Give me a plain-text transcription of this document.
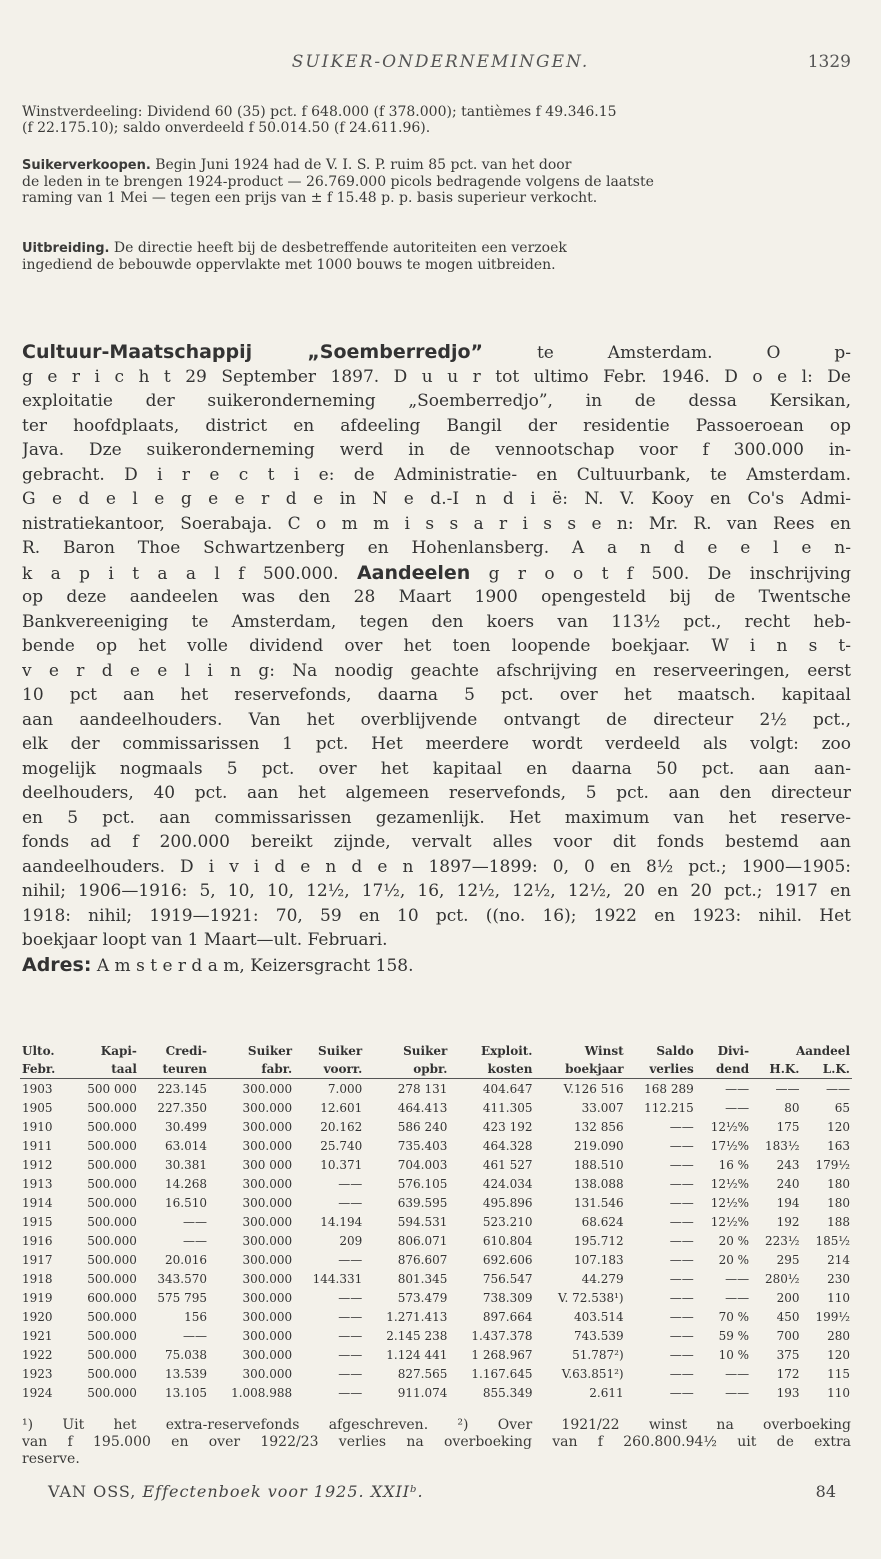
SUIKER-ONDERNEMINGEN.	1329
Winstverdeeling: Dividend 60 (35) pct. f 648.000 (f 378.000); tantièmes f 49.346.15
(f 22.175.10); saldo onverdeeld f 50.014.50 (f 24.611.96).
Suikerverkoopen. Begin Juni 1924 had de V. I. S. P. ruim 85 pct. van het door
de leden in te brengen 1924-product — 26.769.000 picols bedragende volgens de laatste
raming van 1 Mei — tegen een prijs van ± f 15.48 p. p. basis superieur verkocht.
Uitbreiding. De directie heeft bij de desbetreffende autoriteiten een verzoek
ingediend de bebouwde oppervlakte met 1000 bouws te mogen uitbreiden.
Cultuur-Maatschappij „Soemberredjo” te Amsterdam. O p-
g e r i c h t 29 September 1897. D u u r tot ultimo Febr. 1946. D o e l: De
exploitatie der suikeronderneming „Soemberredjo”, in de dessa Kersikan,
ter hoofdplaats, district en afdeeling Bangil der residentie Passoeroean op
Java. Dze suikeronderneming werd in de vennootschap voor f 300.000 in-
gebracht. D i r e c t i e: de Administratie- en Cultuurbank, te Amsterdam.
G e d e l e g e e r d e in N e d.-I n d i ë: N. V. Kooy en Co's Admi-
nistratiekantoor, Soerabaja. C o m m i s s a r i s s e n: Mr. R. van Rees en
R. Baron Thoe Schwartzenberg en Hohenlansberg. A a n d e e l e n-
k a p i t a a l f 500.000. Aandeelen g r o o t f 500. De inschrijving
op deze aandeelen was den 28 Maart 1900 opengesteld bij de Twentsche
Bankvereeniging te Amsterdam, tegen den koers van 113½ pct., recht heb-
bende op het volle dividend over het toen loopende boekjaar. W i n s t-
v e r d e e l i n g: Na noodig geachte afschrijving en reserveeringen, eerst
10 pct aan het reservefonds, daarna 5 pct. over het maatsch. kapitaal
aan aandeelhouders. Van het overblijvende ontvangt de directeur 2½ pct.,
elk der commissarissen 1 pct. Het meerdere wordt verdeeld als volgt: zoo
mogelijk nogmaals 5 pct. over het kapitaal en daarna 50 pct. aan aan-
deelhouders, 40 pct. aan het algemeen reservefonds, 5 pct. aan den directeur
en 5 pct. aan commissarissen gezamenlijk. Het maximum van het reserve-
fonds ad f 200.000 bereikt zijnde, vervalt alles voor dit fonds bestemd aan
aandeelhouders. D i v i d e n d e n 1897—1899: 0, 0 en 8½ pct.; 1900—1905:
nihil; 1906—1916: 5, 10, 10, 12½, 17½, 16, 12½, 12½, 12½, 20 en 20 pct.; 1917 en
1918: nihil; 1919—1921: 70, 59 en 10 pct. ((no. 16); 1922 en 1923: nihil. Het
boekjaar loopt van 1 Maart—ult. Februari.
Adres: A m s t e r d a m, Keizersgracht 158.
Ulto.	Kapi-	Credi-	Suiker	Suiker	Suiker	Exploit.	Winst	Saldo	Divi-	Aandeel	
Febr.	taal	teuren	fabr.	voorr.	opbr.	kosten	boekjaar	verlies	dend	H.K.	L.K.
1903	500 000	223.145	300.000	7.000	278 131	404.647	V.126 516	168 289	——	——	——
1905	500.000	227.350	300.000	12.601	464.413	411.305	33.007	112.215	——	80	65
1910	500.000	30.499	300.000	20.162	586 240	423 192	132 856	——	12½%	175	120
1911	500.000	63.014	300.000	25.740	735.403	464.328	219.090	——	17½%	183½	163
1912	500.000	30.381	300 000	10.371	704.003	461 527	188.510	——	16 %	243	179½
1913	500.000	14.268	300.000	——	576.105	424.034	138.088	——	12½%	240	180
1914	500.000	16.510	300.000	——	639.595	495.896	131.546	——	12½%	194	180
1915	500.000	——	300.000	14.194	594.531	523.210	68.624	——	12½%	192	188
1916	500.000	——	300.000	209	806.071	610.804	195.712	——	20 %	223½	185½
1917	500.000	20.016	300.000	——	876.607	692.606	107.183	——	20 %	295	214
1918	500.000	343.570	300.000	144.331	801.345	756.547	44.279	——	——	280½	230
1919	600.000	575 795	300.000	——	573.479	738.309	V. 72.538¹)	——	——	200	110
1920	500.000	156	300.000	——	1.271.413	897.664	403.514	——	70 %	450	199½
1921	500.000	——	300.000	——	2.145 238	1.437.378	743.539	——	59 %	700	280
1922	500.000	75.038	300.000	——	1.124 441	1 268.967	51.787²)	——	10 %	375	120
1923	500.000	13.539	300.000	——	827.565	1.167.645	V.63.851²)	——	——	172	115
1924	500.000	13.105	1.008.988	——	911.074	855.349	2.611	——	——	193	110
¹) Uit het extra-reservefonds afgeschreven. ²) Over 1921/22 winst na overboeking
van f 195.000 en over 1922/23 verlies na overboeking van f 260.800.94½ uit de extra
reserve.
VAN OSS, Effectenboek voor 1925. XXIIᵇ.	84
